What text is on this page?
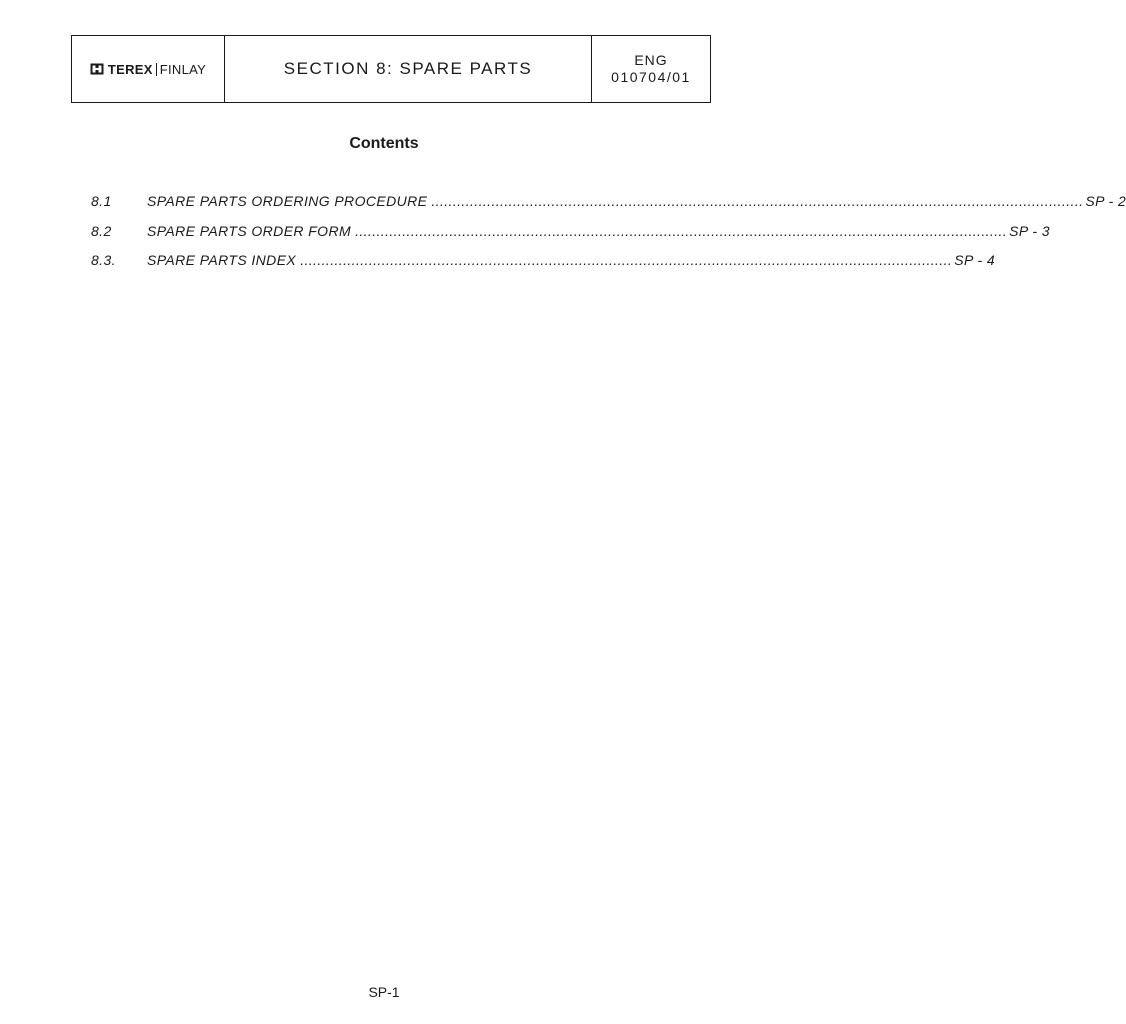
TEREX FINLAY	SECTION 8: SPARE PARTS	ENG
010704/01
Contents
8.1	SPARE PARTS ORDERING PROCEDURE ........................................................................................................................................................ SP - 2
8.2	SPARE PARTS ORDER FORM ........................................................................................................................................................ SP - 3
8.3.	SPARE PARTS INDEX ........................................................................................................................................................ SP - 4
SP-1
